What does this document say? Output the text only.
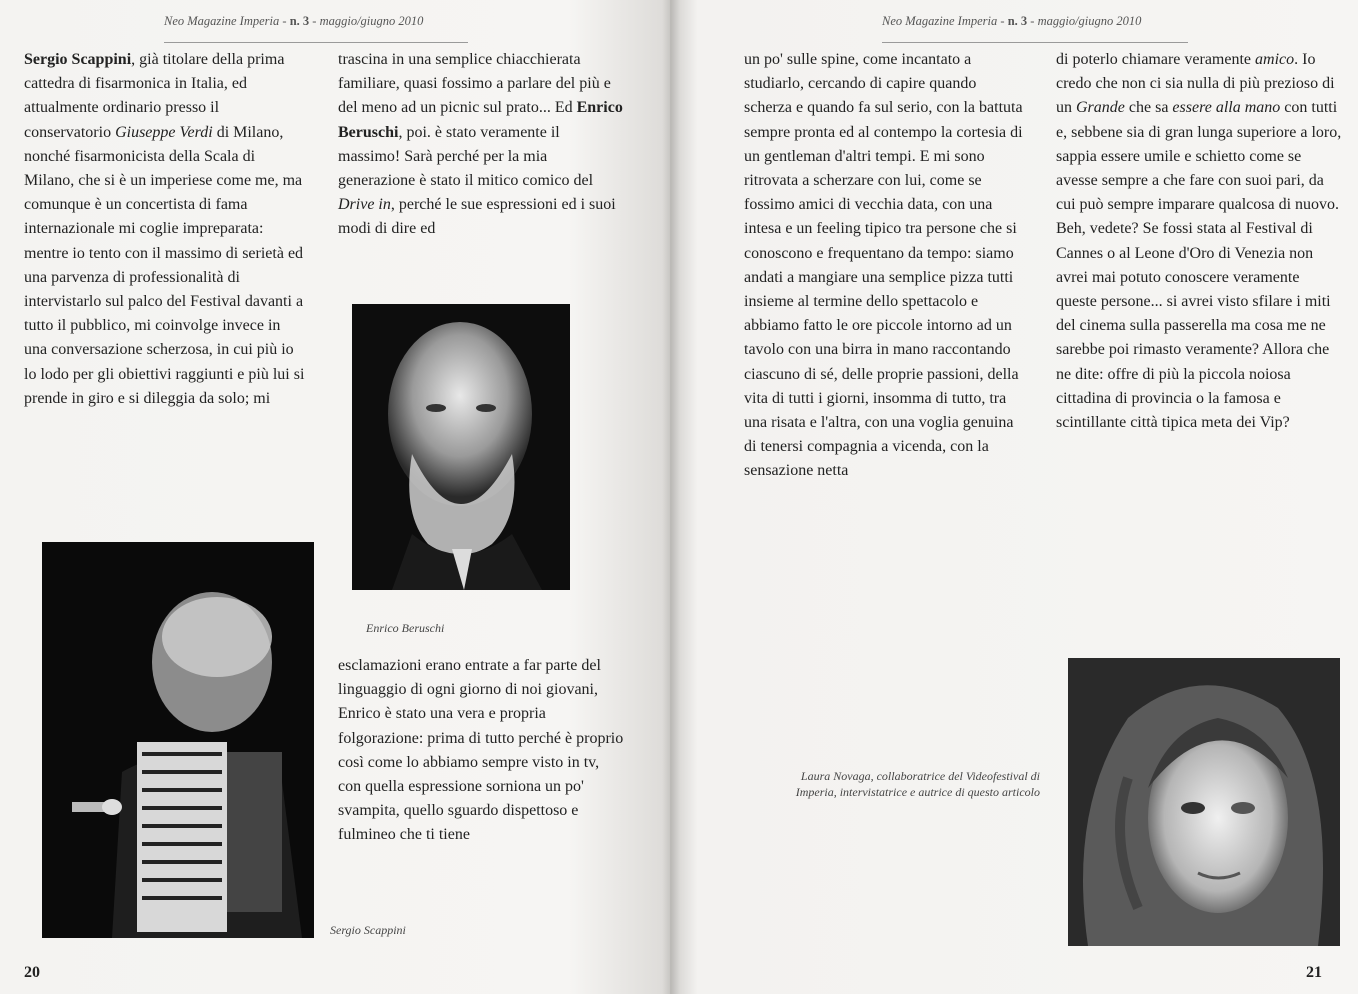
Neo Magazine Imperia - n. 3 - maggio/giugno 2010

Sergio Scappini, già titolare della prima cattedra di fisarmonica in Italia, ed attualmente ordinario presso il conservatorio Giuseppe Verdi di Milano, nonché fisarmonicista della Scala di Milano, che si è un imperiese come me, ma comunque è un concertista di fama internazionale mi coglie impreparata: mentre io tento con il massimo di serietà ed una parvenza di professionalità di intervistarlo sul palco del Festival davanti a tutto il pubblico, mi coinvolge invece in una conversazione scherzosa, in cui più io lo lodo per gli obiettivi raggiunti e più lui si prende in giro e si dileggia da solo; mi

trascina in una semplice chiacchierata familiare, quasi fossimo a parlare del più e del meno ad un picnic sul prato... Ed Enrico Beruschi, poi. è stato veramente il massimo! Sarà perché per la mia generazione è stato il mitico comico del Drive in, perché le sue espressioni ed i suoi modi di dire ed

Enrico Beruschi
Sergio Scappini

esclamazioni erano entrate a far parte del linguaggio di ogni giorno di noi giovani, Enrico è stato una vera e propria folgorazione: prima di tutto perché è proprio così come lo abbiamo sempre visto in tv, con quella espressione sorniona un po' svampita, quello sguardo dispettoso e fulmineo che ti tiene

20
Neo Magazine Imperia - n. 3 - maggio/giugno 2010

un po' sulle spine, come incantato a studiarlo, cercando di capire quando scherza e quando fa sul serio, con la battuta sempre pronta ed al contempo la cortesia di un gentleman d'altri tempi. E mi sono ritrovata a scherzare con lui, come se fossimo amici di vecchia data, con una intesa e un feeling tipico tra persone che si conoscono e frequentano da tempo: siamo andati a mangiare una semplice pizza tutti insieme al termine dello spettacolo e abbiamo fatto le ore piccole intorno ad un tavolo con una birra in mano raccontando ciascuno di sé, delle proprie passioni, della vita di tutti i giorni, insomma di tutto, tra una risata e l'altra, con una voglia genuina di tenersi compagnia a vicenda, con la sensazione netta

di poterlo chiamare veramente amico. Io credo che non ci sia nulla di più prezioso di un Grande che sa essere alla mano con tutti e, sebbene sia di gran lunga superiore a loro, sappia essere umile e schietto come se avesse sempre a che fare con suoi pari, da cui può sempre imparare qualcosa di nuovo. Beh, vedete? Se fossi stata al Festival di Cannes o al Leone d'Oro di Venezia non avrei mai potuto conoscere veramente queste persone... si avrei visto sfilare i miti del cinema sulla passerella ma cosa me ne sarebbe poi rimasto veramente? Allora che ne dite: offre di più la piccola noiosa cittadina di provincia o la famosa e scintillante città tipica meta dei Vip?

Laura Novaga, collaboratrice del Videofestival di Imperia, intervistatrice e autrice di questo articolo
21
